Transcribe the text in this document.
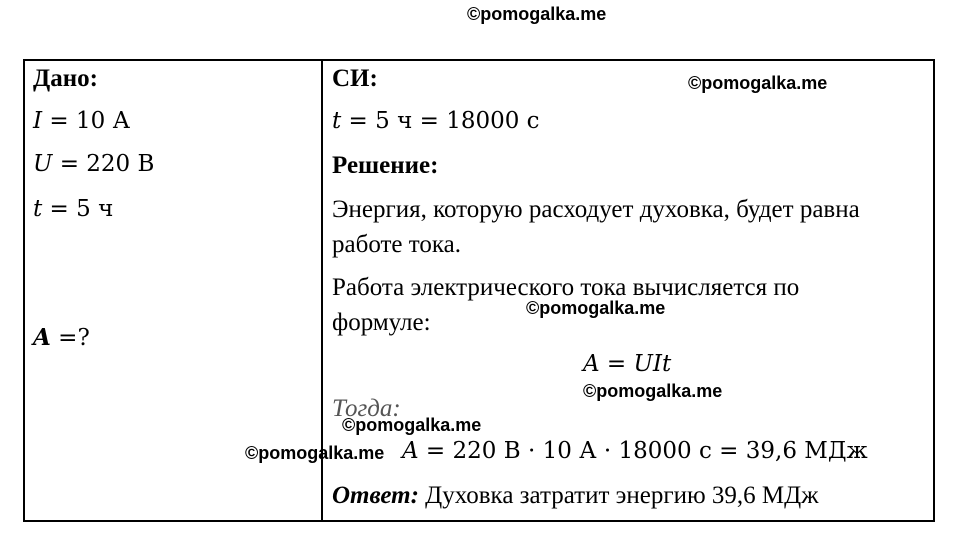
©pomogalka.me
©pomogalka.me
Дано:
I = 10 А
U = 220 В
t = 5 ч
A =?
СИ:
t = 5 ч = 18000 с
Решение:
Энергия, которую расходует духовка, будет равна
работе тока.
Работа электрического тока вычисляется по
формуле:
©pomogalka.me
A = UIt
©pomogalka.me
Тогда:
©pomogalka.me
©pomogalka.me A = 220 В · 10 А · 18000 с = 39,6 МДж
Ответ: Духовка затратит энергию 39,6 МДж
